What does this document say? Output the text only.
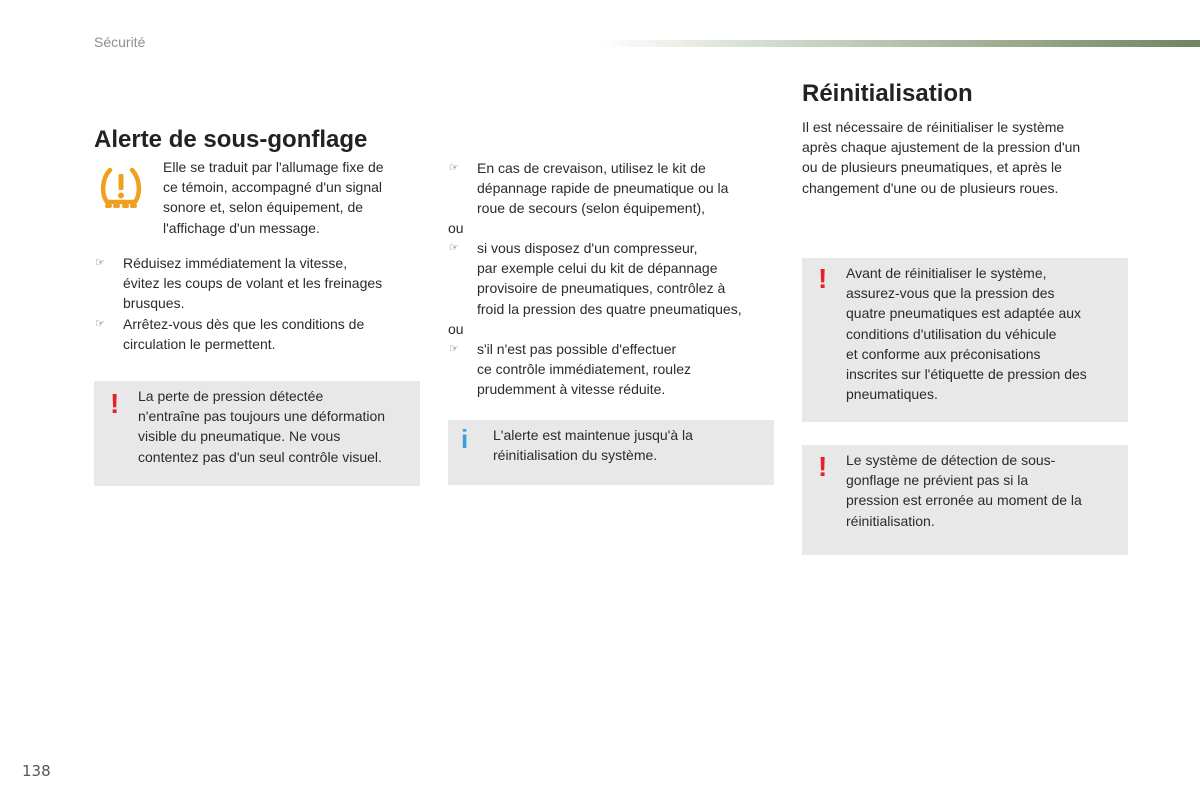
Sécurité
Alerte de sous-gonflage
Elle se traduit par l'allumage fixe de
ce témoin, accompagné d'un signal
sonore et, selon équipement, de
l'affichage d'un message.
☞ Réduisez immédiatement la vitesse,
évitez les coups de volant et les freinages
brusques.
☞ Arrêtez-vous dès que les conditions de
circulation le permettent.
! La perte de pression détectée
n'entraîne pas toujours une déformation
visible du pneumatique. Ne vous
contentez pas d'un seul contrôle visuel.
☞ En cas de crevaison, utilisez le kit de
dépannage rapide de pneumatique ou la
roue de secours (selon équipement),
ou
☞ si vous disposez d'un compresseur,
par exemple celui du kit de dépannage
provisoire de pneumatiques, contrôlez à
froid la pression des quatre pneumatiques,
ou
☞ s'il n'est pas possible d'effectuer
ce contrôle immédiatement, roulez
prudemment à vitesse réduite.
i L'alerte est maintenue jusqu'à la
réinitialisation du système.
Réinitialisation
Il est nécessaire de réinitialiser le système
après chaque ajustement de la pression d'un
ou de plusieurs pneumatiques, et après le
changement d'une ou de plusieurs roues.
! Avant de réinitialiser le système,
assurez-vous que la pression des
quatre pneumatiques est adaptée aux
conditions d'utilisation du véhicule
et conforme aux préconisations
inscrites sur l'étiquette de pression des
pneumatiques.
! Le système de détection de sous-
gonflage ne prévient pas si la
pression est erronée au moment de la
réinitialisation.
138
